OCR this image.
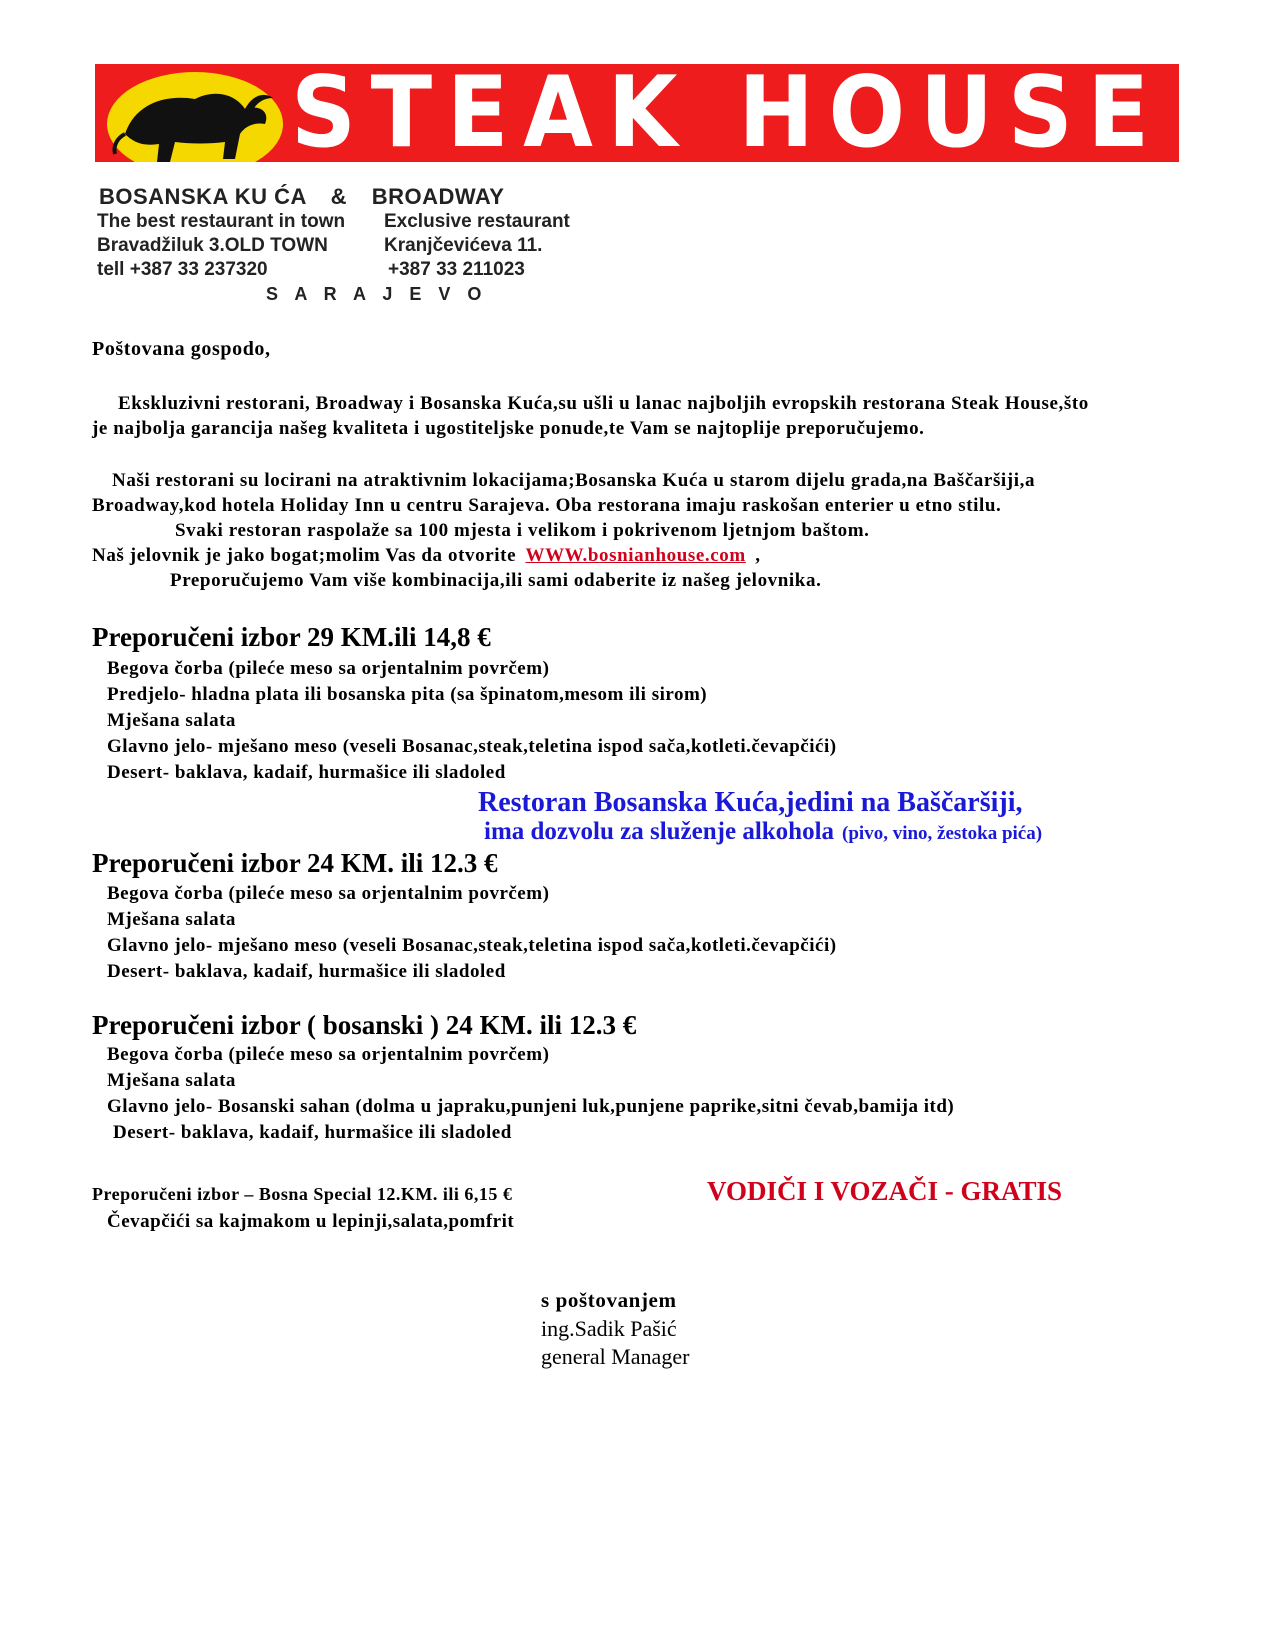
STEAK HOUSE
BOSANSKA KU ĆA & BROADWAY
The best restaurant in town Exclusive restaurant
Bravadžiluk 3.OLD TOWN	Kranjčevićeva 11.
tell +387 33 237320	+387 33 211023
S A R A J E V O
Poštovana gospodo,
Ekskluzivni restorani, Broadway i Bosanska Kuća,su ušli u lanac najboljih evropskih restorana Steak House,što
je najbolja garancija našeg kvaliteta i ugostiteljske ponude,te Vam se najtoplije preporučujemo.
Naši restorani su locirani na atraktivnim lokacijama;Bosanska Kuća u starom dijelu grada,na Baščaršiji,a
Broadway,kod hotela Holiday Inn u centru Sarajeva. Oba restorana imaju raskošan enterier u etno stilu.
Svaki restoran raspolaže sa 100 mjesta i velikom i pokrivenom ljetnjom baštom.
Naš jelovnik je jako bogat;molim Vas da otvorite WWW.bosnianhouse.com ,
Preporučujemo Vam više kombinacija,ili sami odaberite iz našeg jelovnika.
Preporučeni izbor 29 KM.ili 14,8 €
Begova čorba (pileće meso sa orjentalnim povrčem)
Predjelo- hladna plata ili bosanska pita (sa špinatom,mesom ili sirom)
Mješana salata
Glavno jelo- mješano meso (veseli Bosanac,steak,teletina ispod sača,kotleti.čevapčići)
Desert- baklava, kadaif, hurmašice ili sladoled
Restoran Bosanska Kuća,jedini na Baščaršiji,
ima dozvolu za služenje alkohola (pivo, vino, žestoka pića)
Preporučeni izbor 24 KM. ili 12.3 €
Begova čorba (pileće meso sa orjentalnim povrčem)
Mješana salata
Glavno jelo- mješano meso (veseli Bosanac,steak,teletina ispod sača,kotleti.čevapčići)
Desert- baklava, kadaif, hurmašice ili sladoled
Preporučeni izbor ( bosanski ) 24 KM. ili 12.3 €
Begova čorba (pileće meso sa orjentalnim povrčem)
Mješana salata
Glavno jelo- Bosanski sahan (dolma u japraku,punjeni luk,punjene paprike,sitni čevab,bamija itd)
Desert- baklava, kadaif, hurmašice ili sladoled
Preporučeni izbor – Bosna Special 12.KM. ili 6,15 €
Čevapčići sa kajmakom u lepinji,salata,pomfrit
VODIČI I VOZAČI - GRATIS
s poštovanjem
ing.Sadik Pašić
general Manager
